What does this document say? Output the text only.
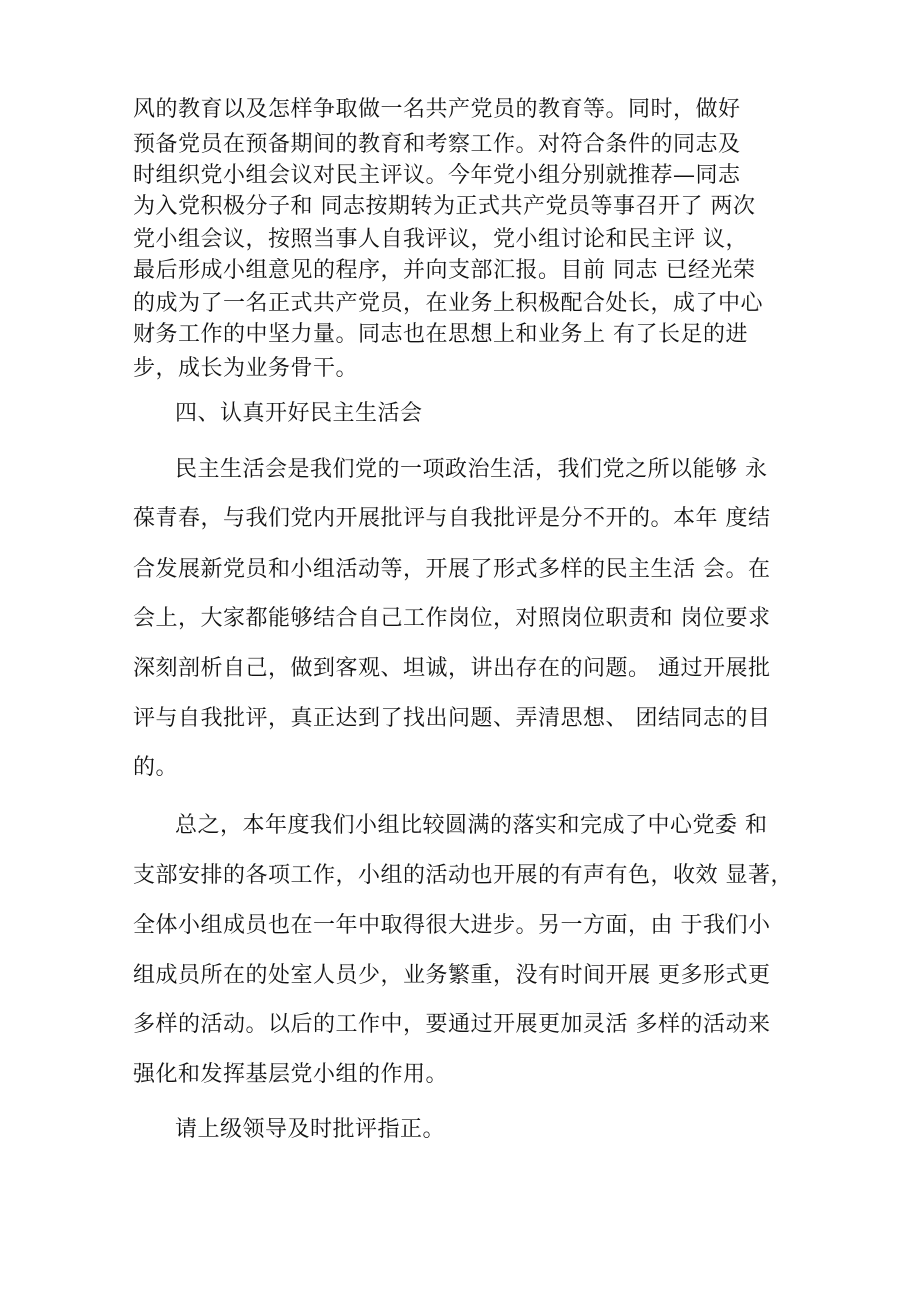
风的教育以及怎样争取做一名共产党员的教育等。同时，做好
预备党员在预备期间的教育和考察工作。对符合条件的同志及
时组织党小组会议对民主评议。今年党小组分别就推荐—同志
为入党积极分子和 同志按期转为正式共产党员等事召开了 两次
党小组会议，按照当事人自我评议，党小组讨论和民主评 议，
最后形成小组意见的程序，并向支部汇报。目前 同志 已经光荣
的成为了一名正式共产党员，在业务上积极配合处长，成了中心
财务工作的中坚力量。同志也在思想上和业务上 有了长足的进
步，成长为业务骨干。
四、认真开好民主生活会
民主生活会是我们党的一项政治生活，我们党之所以能够 永
葆青春，与我们党内开展批评与自我批评是分不开的。本年 度结
合发展新党员和小组活动等，开展了形式多样的民主生活 会。在
会上，大家都能够结合自己工作岗位，对照岗位职责和 岗位要求
深刻剖析自己，做到客观、坦诚，讲出存在的问题。 通过开展批
评与自我批评，真正达到了找出问题、弄清思想、 团结同志的目
的。
总之，本年度我们小组比较圆满的落实和完成了中心党委 和
支部安排的各项工作，小组的活动也开展的有声有色，收效 显著，
全体小组成员也在一年中取得很大进步。另一方面，由 于我们小
组成员所在的处室人员少，业务繁重，没有时间开展 更多形式更
多样的活动。以后的工作中，要通过开展更加灵活 多样的活动来
强化和发挥基层党小组的作用。
请上级领导及时批评指正。
